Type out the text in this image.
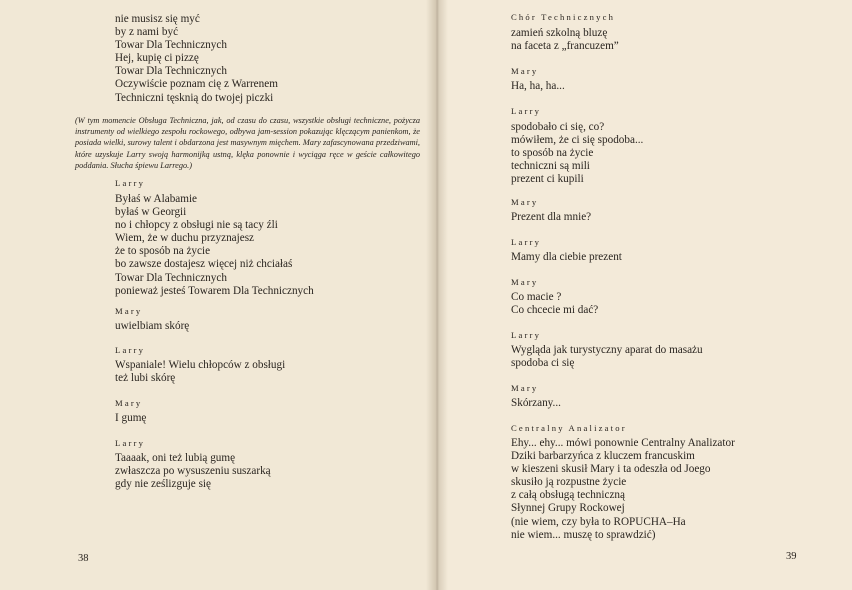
nie musisz się myć
by z nami być
Towar Dla Technicznych
Hej, kupię ci pizzę
Towar Dla Technicznych
Oczywiście poznam cię z Warrenem
Techniczni tęsknią do twojej piczki

(W tym momencie Obsługa Techniczna, jak, od czasu do czasu, wszystkie obsługi techniczne, pożycza instrumenty od wielkiego zespołu rockowego, odbywa jam-session pokazując klęczącym panienkom, że posiada wielki, surowy talent i obdarzona jest masywnym mięchem. Mary zafascynowana przedziwami, które uzyskuje Larry swoją harmonijką ustną, klęka ponownie i wyciąga ręce w geście całkowitego poddania. Słucha śpiewu Larrego.)

Larry
Byłaś w Alabamie
byłaś w Georgii
no i chłopcy z obsługi nie są tacy źli
Wiem, że w duchu przyznajesz
że to sposób na życie
bo zawsze dostajesz więcej niż chciałaś
Towar Dla Technicznych
ponieważ jesteś Towarem Dla Technicznych
Mary
uwielbiam skórę
Larry
Wspaniale! Wielu chłopców z obsługi
też lubi skórę
Mary
I gumę
Larry
Taaaak, oni też lubią gumę
zwłaszcza po wysuszeniu suszarką
gdy nie ześlizguje się
38
Chór Technicznych
zamień szkolną bluzę
na faceta z „francuzem”
Mary
Ha, ha, ha...
Larry
spodobało ci się, co?
mówiłem, że ci się spodoba...
to sposób na życie
techniczni są mili
prezent ci kupili
Mary
Prezent dla mnie?
Larry
Mamy dla ciebie prezent
Mary
Co macie ?
Co chcecie mi dać?
Larry
Wygląda jak turystyczny aparat do masażu
spodoba ci się
Mary
Skórzany...
Centralny Analizator
Ehy... ehy... mówi ponownie Centralny Analizator
Dziki barbarzyńca z kluczem francuskim
w kieszeni skusił Mary i ta odeszła od Joego
skusiło ją rozpustne życie
z całą obsługą techniczną
Słynnej Grupy Rockowej
(nie wiem, czy była to ROPUCHA–Ha
nie wiem... muszę to sprawdzić)
39
